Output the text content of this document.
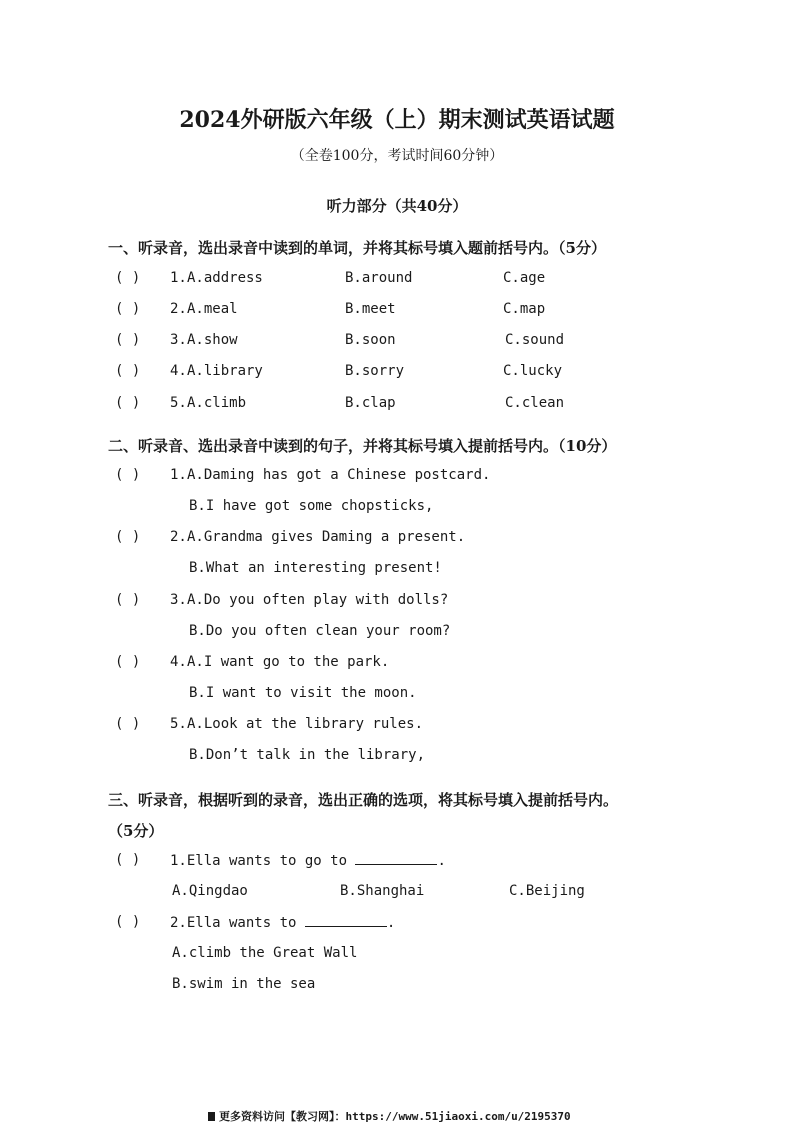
2024外研版六年级（上）期末测试英语试题
（全卷100分，考试时间60分钟）
听力部分（共40分）
一、听录音，选出录音中读到的单词，并将其标号填入题前括号内。（5分）
( ) 1. A.address	B.around	C.age
( ) 2. A.meal	B.meet	C.map
( ) 3. A.show	B.soon	C.sound
( ) 4. A.library	B.sorry	C.lucky
( ) 5. A.climb	B.clap	C.clean
二、听录音、选出录音中读到的句子，并将其标号填入提前括号内。（10分）
( ) 1. A.Daming has got a Chinese postcard.
B.I have got some chopsticks,
( ) 2. A.Grandma gives Daming a present.
B.What an interesting present!
( ) 3. A.Do you often play with dolls?
B.Do you often clean your room?
( ) 4. A.I want go to the park.
B.I want to visit the moon.
( ) 5. A.Look at the library rules.
B.Don’t talk in the library,
三、听录音，根据听到的录音，选出正确的选项，将其标号填入提前括号内。
（5分）
( ) 1.Ella wants to go to	.
A.Qingdao	B.Shanghai	C.Beijing
( ) 2.Ella wants to	.
A.climb the Great Wall
B.swim in the sea
更多资料访问【教习网】：https://www.51jiaoxi.com/u/2195370
